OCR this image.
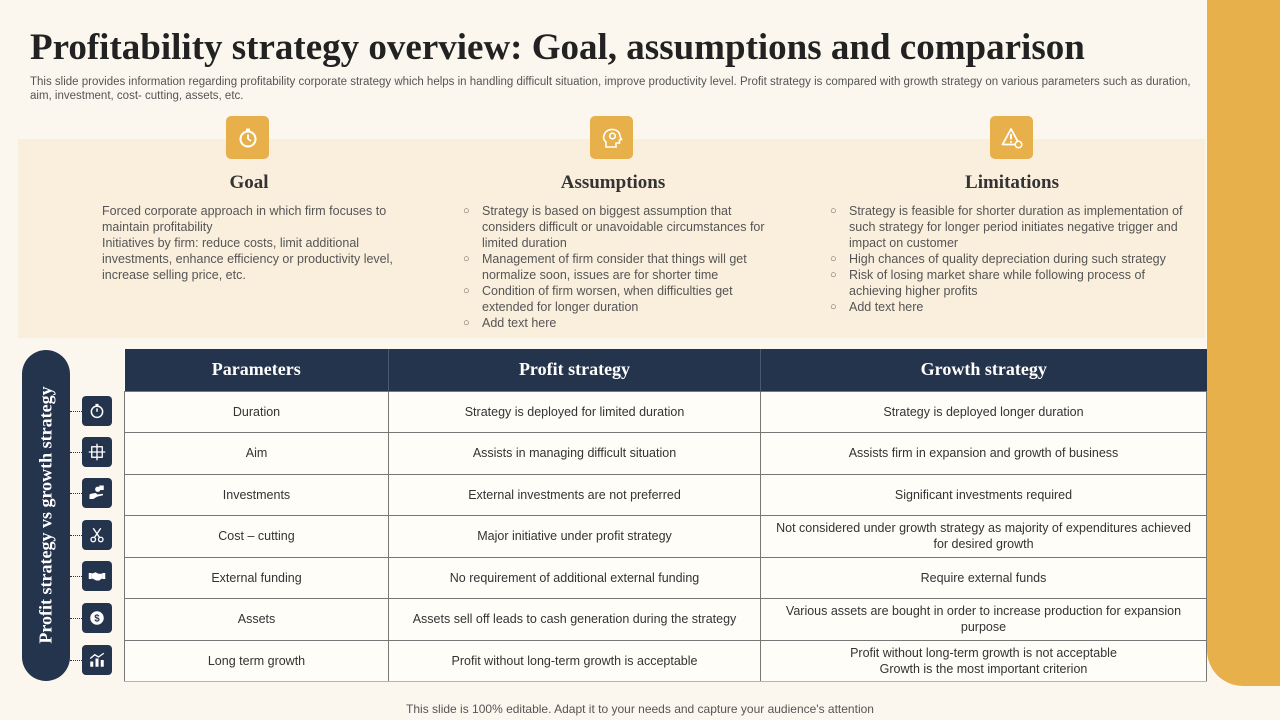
Profitability strategy overview: Goal, assumptions and comparison

This slide provides information regarding profitability corporate strategy which helps in handling difficult situation, improve productivity level. Profit strategy is compared with growth strategy on various parameters such as duration, aim, investment, cost- cutting, assets, etc.

Goal

Forced corporate approach in which firm focuses to maintain profitability

Initiatives by firm: reduce costs, limit additional investments, enhance efficiency or productivity level, increase selling price, etc.

Assumptions
○ Strategy is based on biggest assumption that considers difficult or unavoidable circumstances for limited duration
○ Management of firm consider that things will get normalize soon, issues are for shorter time
○ Condition of firm worsen, when difficulties get extended for longer duration
○ Add text here
Limitations
○ Strategy is feasible for shorter duration as implementation of such strategy for longer period initiates negative trigger and impact on customer
○ High chances of quality depreciation during such strategy
○ Risk of losing market share while following process of achieving higher profits
○ Add text here
Profit strategy vs growth strategy	$
Parameters	Profit strategy	Growth strategy
Duration	Strategy is deployed for limited duration	Strategy is deployed longer duration
Aim	Assists in managing difficult situation	Assists firm in expansion and growth of business
Investments	External investments are not preferred	Significant investments required
Cost – cutting	Major initiative under profit strategy	Not considered under growth strategy as majority of expenditures achieved for desired growth
External funding	No requirement of additional external funding	Require external funds
Assets	Assets sell off leads to cash generation during the strategy	Various assets are bought in order to increase production for expansion purpose
Long term growth	Profit without long-term growth is acceptable	Profit without long-term growth is not acceptable
Growth is the most important criterion
This slide is 100% editable. Adapt it to your needs and capture your audience's attention
